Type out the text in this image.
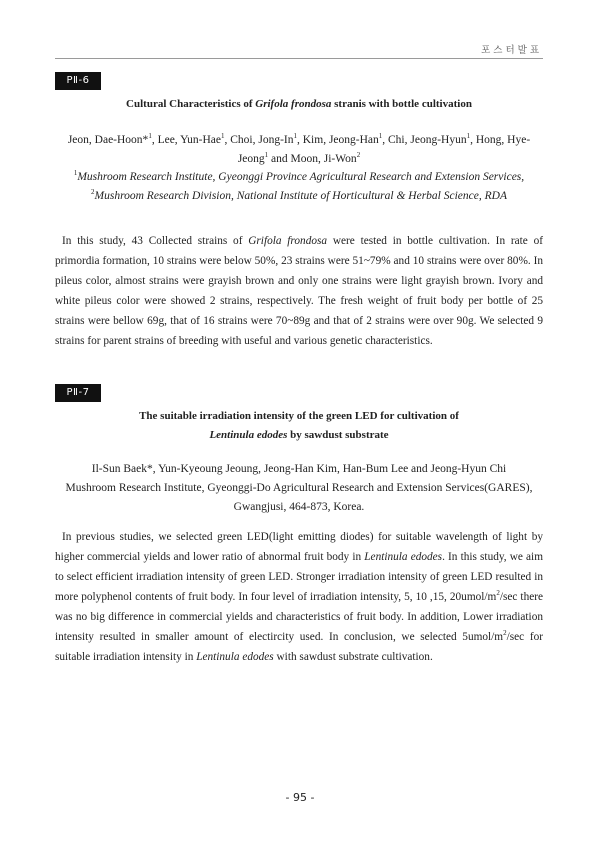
포스터발표
PⅡ-6
Cultural Characteristics of Grifola frondosa stranis with bottle cultivation
Jeon, Dae-Hoon*$^1$, Lee, Yun-Hae$^1$, Choi, Jong-In$^1$, Kim, Jeong-Han$^1$, Chi, Jeong-Hyun$^1$, Hong, Hye-Jeong$^1$ and Moon, Ji-Won$^2$
$^1$Mushroom Research Institute, Gyeonggi Province Agricultural Research and Extension Services, $^2$Mushroom Research Division, National Institute of Horticultural & Herbal Science, RDA
In this study, 43 Collected strains of Grifola frondosa were tested in bottle cultivation. In rate of primordia formation, 10 strains were below 50%, 23 strains were 51~79% and 10 strains were over 80%. In pileus color, almost strains were grayish brown and only one strains were light grayish brown. Ivory and white pileus color were showed 2 strains, respectively. The fresh weight of fruit body per bottle of 25 strains were bellow 69g, that of 16 strains were 70~89g and that of 2 strains were over 90g. We selected 9 strains for parent strains of breeding with useful and various genetic characteristics.
PⅡ-7
The suitable irradiation intensity of the green LED for cultivation of
Lentinula edodes by sawdust substrate
Il-Sun Baek*, Yun-Kyeoung Jeoung, Jeong-Han Kim, Han-Bum Lee and Jeong-Hyun Chi
Mushroom Research Institute, Gyeonggi-Do Agricultural Research and Extension Services(GARES), Gwangjusi, 464-873, Korea.
In previous studies, we selected green LED(light emitting diodes) for suitable wavelength of light by higher commercial yields and lower ratio of abnormal fruit body in Lentinula edodes. In this study, we aim to select efficient irradiation intensity of green LED. Stronger irradiation intensity of green LED resulted in more polyphenol contents of fruit body. In four level of irradiation intensity, 5, 10 ,15, $20umol/m^2/\sec$ there was no big difference in commercial yields and characteristics of fruit body. In addition, Lower irradiation intensity resulted in smaller amount of electircity used. In conclusion, we selected $5umol/m^2/\sec$ for suitable irradiation intensity in Lentinula edodes with sawdust substrate cultivation.
- 95 -
